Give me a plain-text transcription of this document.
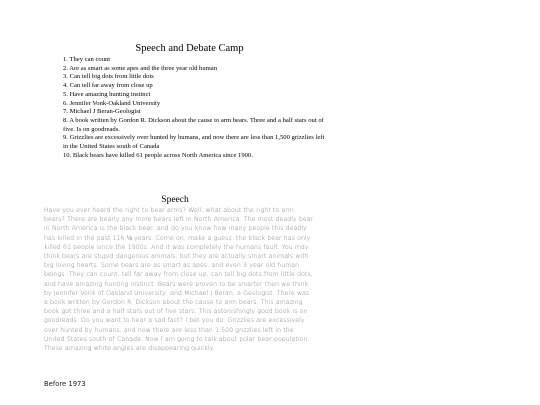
Speech and Debate Camp
1. They can count
2. Are as smart as some apes and the three year old human
3. Can tell big dots from little dots
4. Can tell far away from close up
5. Have amazing hunting instinct
6. Jennifer Vonk-Oakland University
7. Michael J Beran-Geologist
8. A book written by Gordon R. Dickson about the cause to arm bears. Three and a half stars out of five. Is on goodreads.
9. Grizzlies are excessively over hunted by humans, and now there are less than 1,500 grizzlies left in the United States south of Canada
10. Black bears have killed 61 people across North America since 1900.
Speech

Have you ever heard the right to bear arms? Well, what about the right to arm bears? There are bearly any more bears left in North America. The most deadly bear in North America is the black bear, and do you know how many people this deadly has killed in the past 116 ⅛ years. Come on, make a guess. the black bear has only killed 61 people since the 1900s. And it was completely the humans fault. You may think bears are stupid dangerous animals, but they are actually smart animals with big loving hearts. Some bears are as smart as apes, and even 3 year old human beings. They can count, tell far away from close up, can tell big dots from little dots, and have amazing hunting instinct. Bears were proven to be smarter then we think by Jennifer Vonk of Oakland University, and Michael J Beran, a Geologist. There was a book written by Gordon R. Dickson about the cause to arm bears. This amazing book got three and a half stars out of five stars. This astonishingly good book is on goodreads. Do you want to hear a sad fact? I bet you do. Grizzlies are excessively over hunted by humans, and now there are less than 1,500 grizzlies left in the United States south of Canada. Now I am going to talk about polar bear population. These amazing white angles are disappearing quickly.

Before 1973
